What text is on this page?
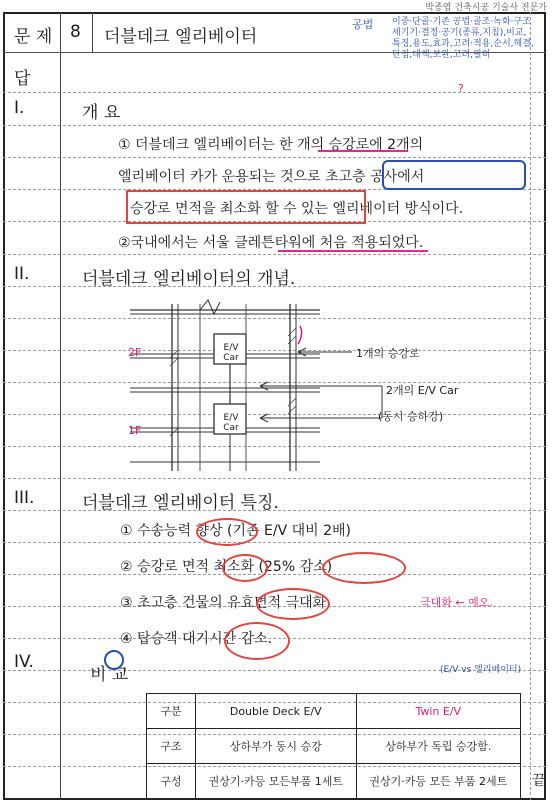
박종엽 건축시공 기술사 전문가
문 제 8 더블데크 엘리베이터
공법 이중·단골·기존 공법·골조·녹화·구조
세기기·결정·공기(종류,지침),비교,
특징,용도,효과,고려·적용,순서,해결,
단점,대책,보완,고려,필히
?
답
I.	개 요
① 더블데크 엘리베이터는 한 개의 승강로에 2개의
엘리베이터 카가 운용되는 것으로 초고층 공사에서
승강로 면적을 최소화 할 수 있는 엘리베이터 방식이다.
②국내에서는 서울 클레튼타워에 처음 적용되었다.
II.	더블데크 엘리베이터의 개념.
2F
1F
E/V Car
E/V Car
1개의 승강로
2개의 E/V Car
(동시 승하강)
III.	더블데크 엘리베이터 특징.
① 수송능력 향상 (기존 E/V 대비 2배)
② 승강로 면적 최소화 (25% 감소)
③ 초고층 건물의 유효면적 극대화.
④ 탑승객 대기시간 감소.
극대화 ← 예오.
IV.
비 교	(E/V vs 엘리베이터)
구분	Double Deck E/V	Twin E/V
구조	상하부가 동시 승강	상하부가 독립 승강함.
구성	권상기·카등 모든부품 1세트	권상기·카등 모든 부품 2세트 끝
